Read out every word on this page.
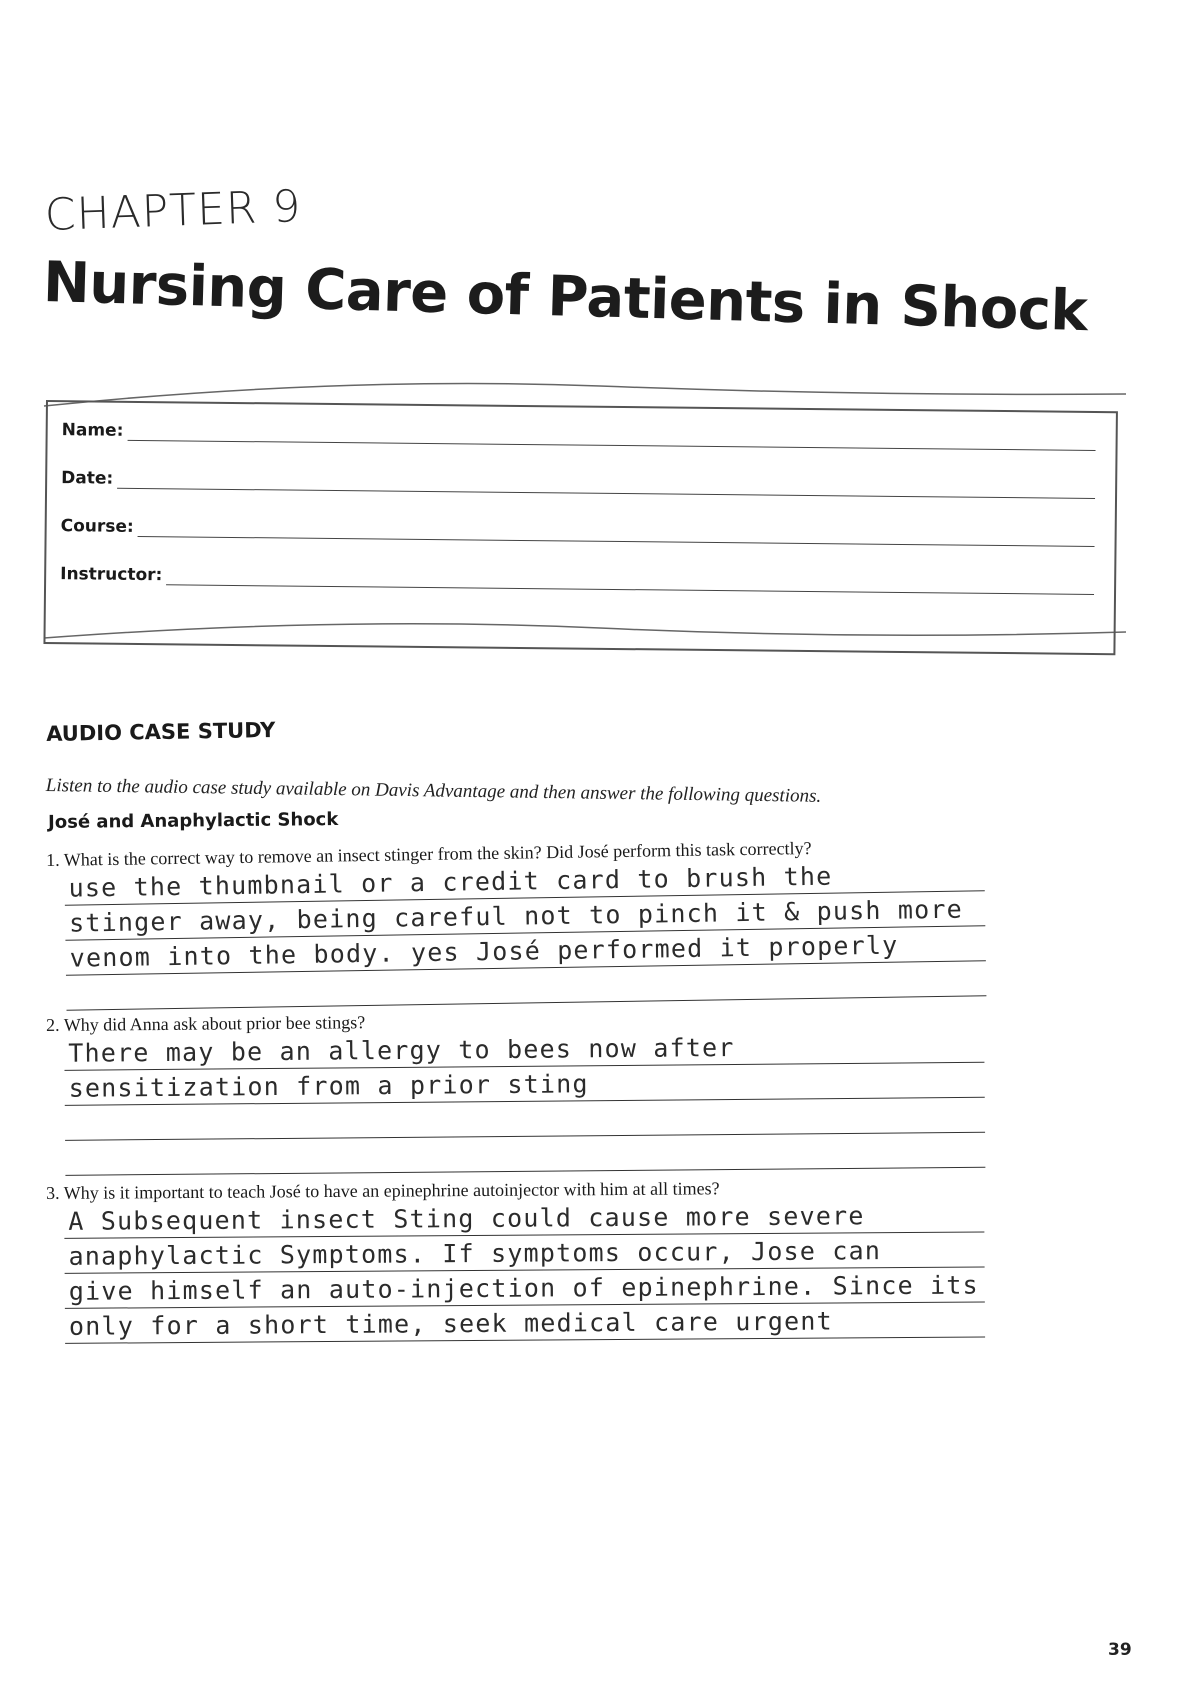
CHAPTER 9
Nursing Care of Patients in Shock
Name:
Date:
Course:
Instructor:
AUDIO CASE STUDY
Listen to the audio case study available on Davis Advantage and then answer the following questions.
José and Anaphylactic Shock
1. What is the correct way to remove an insect stinger from the skin? Did José perform this task correctly?
use the thumbnail or a credit card to brush the
stinger away, being careful not to pinch it & push more
venom into the body. yes José performed it properly
2. Why did Anna ask about prior bee stings?
There may be an allergy to bees now after
sensitization from a prior sting
3. Why is it important to teach José to have an epinephrine autoinjector with him at all times?
A Subsequent insect Sting could cause more severe
anaphylactic Symptoms. If symptoms occur, Jose can
give himself an auto-injection of epinephrine. Since its
only for a short time, seek medical care urgent
39
